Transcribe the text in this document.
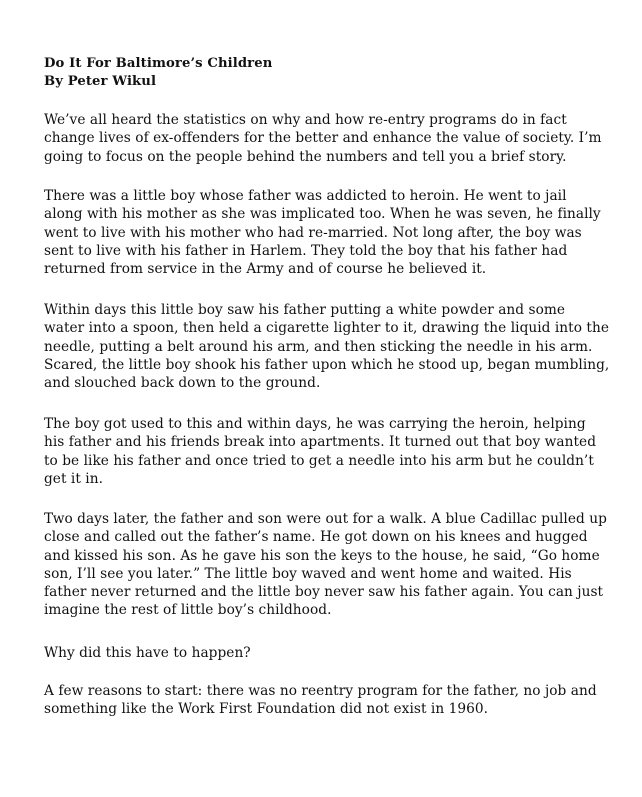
Do It For Baltimore’s Children
By Peter Wikul
We’ve all heard the statistics on why and how re-entry programs do in fact
change lives of ex-offenders for the better and enhance the value of society. I’m
going to focus on the people behind the numbers and tell you a brief story.
There was a little boy whose father was addicted to heroin. He went to jail
along with his mother as she was implicated too. When he was seven, he finally
went to live with his mother who had re-married. Not long after, the boy was
sent to live with his father in Harlem. They told the boy that his father had
returned from service in the Army and of course he believed it.
Within days this little boy saw his father putting a white powder and some
water into a spoon, then held a cigarette lighter to it, drawing the liquid into the
needle, putting a belt around his arm, and then sticking the needle in his arm.
Scared, the little boy shook his father upon which he stood up, began mumbling,
and slouched back down to the ground.
The boy got used to this and within days, he was carrying the heroin, helping
his father and his friends break into apartments. It turned out that boy wanted
to be like his father and once tried to get a needle into his arm but he couldn’t
get it in.
Two days later, the father and son were out for a walk. A blue Cadillac pulled up
close and called out the father’s name. He got down on his knees and hugged
and kissed his son. As he gave his son the keys to the house, he said, “Go home
son, I’ll see you later.” The little boy waved and went home and waited. His
father never returned and the little boy never saw his father again. You can just
imagine the rest of little boy’s childhood.
Why did this have to happen?
A few reasons to start: there was no reentry program for the father, no job and
something like the Work First Foundation did not exist in 1960.
